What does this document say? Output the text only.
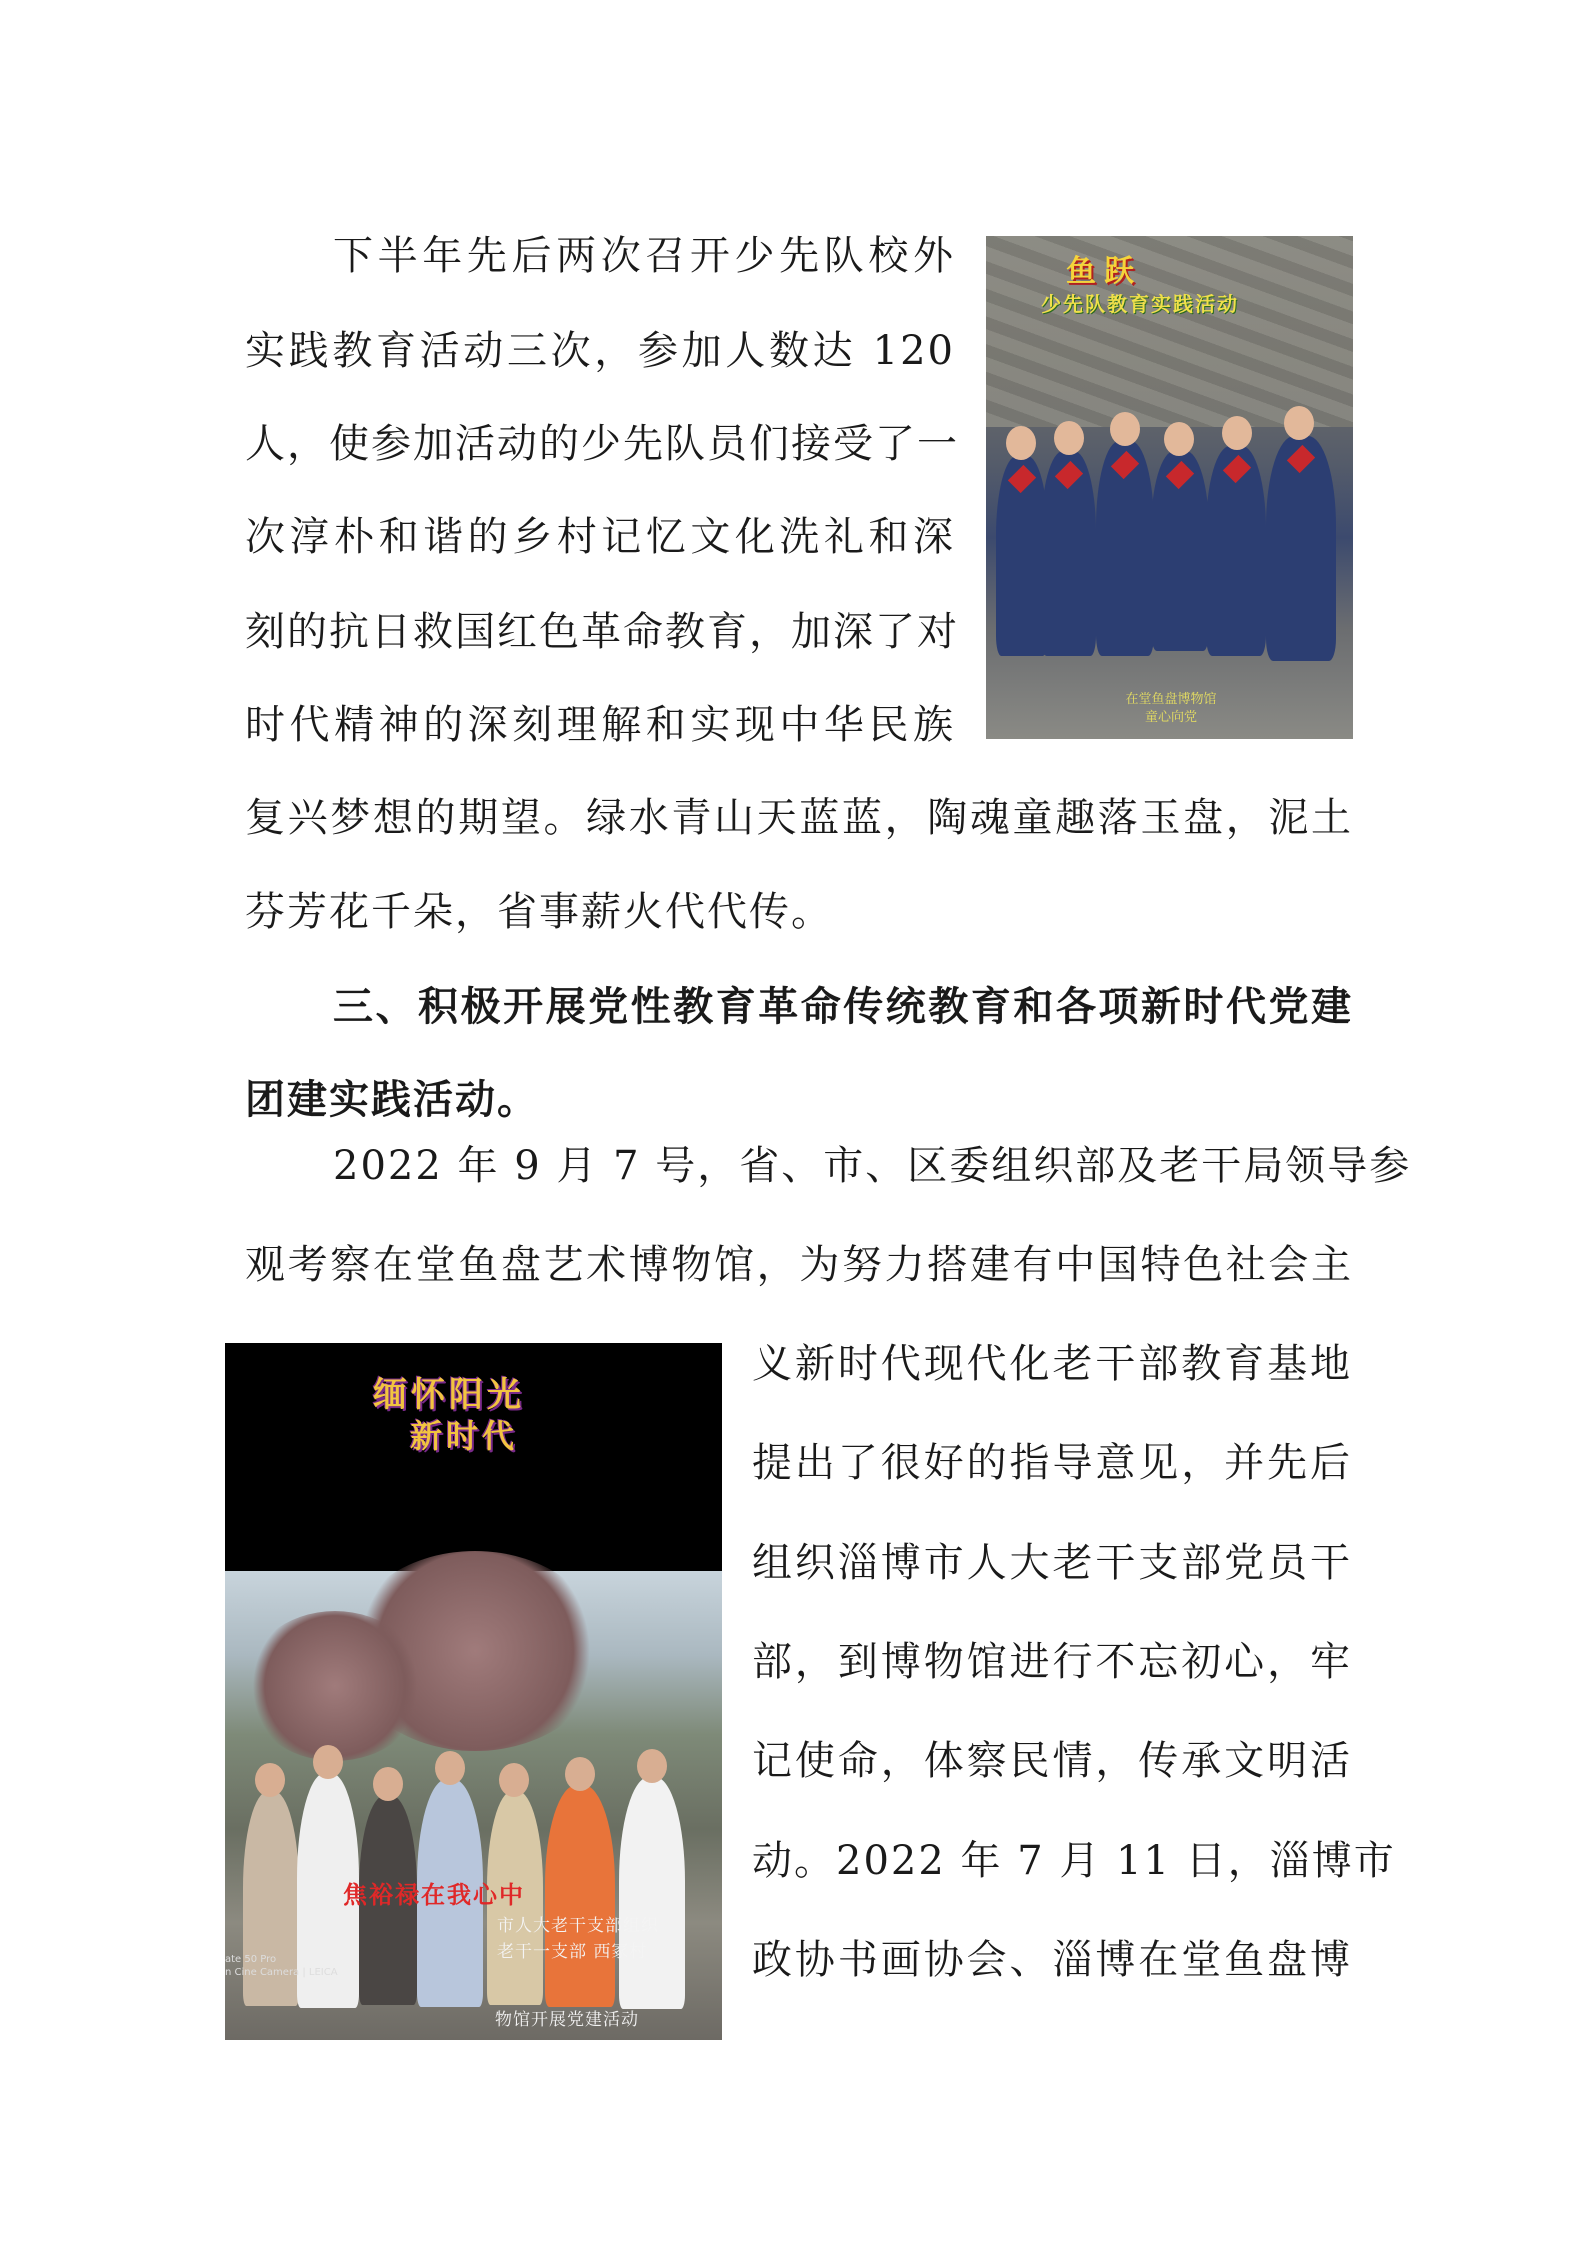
下半年先后两次召开少先队校外
实践教育活动三次，参加人数达 120
人，使参加活动的少先队员们接受了一
次淳朴和谐的乡村记忆文化洗礼和深
刻的抗日救国红色革命教育，加深了对
时代精神的深刻理解和实现中华民族
复兴梦想的期望。绿水青山天蓝蓝，陶魂童趣落玉盘，泥土
芬芳花千朵，省事薪火代代传。
三、积极开展党性教育革命传统教育和各项新时代党建
团建实践活动。
2022 年 9 月 7 号，省、市、区委组织部及老干局领导参
观考察在堂鱼盘艺术博物馆，为努力搭建有中国特色社会主
义新时代现代化老干部教育基地
提出了很好的指导意见，并先后
组织淄博市人大老干支部党员干
部，到博物馆进行不忘初心，牢
记使命，体察民情，传承文明活
动。2022 年 7 月 11 日，淄博市
政协书画协会、淄博在堂鱼盘博
鱼跃
少先队教育实践活动
在堂鱼盘博物馆
童心向党
缅怀阳光
新时代
焦裕禄在我心中
市人大老干支部组织
老干一支部 西冢村
ate 50 Pro
n Cine Camera | LEICA
物馆开展党建活动
